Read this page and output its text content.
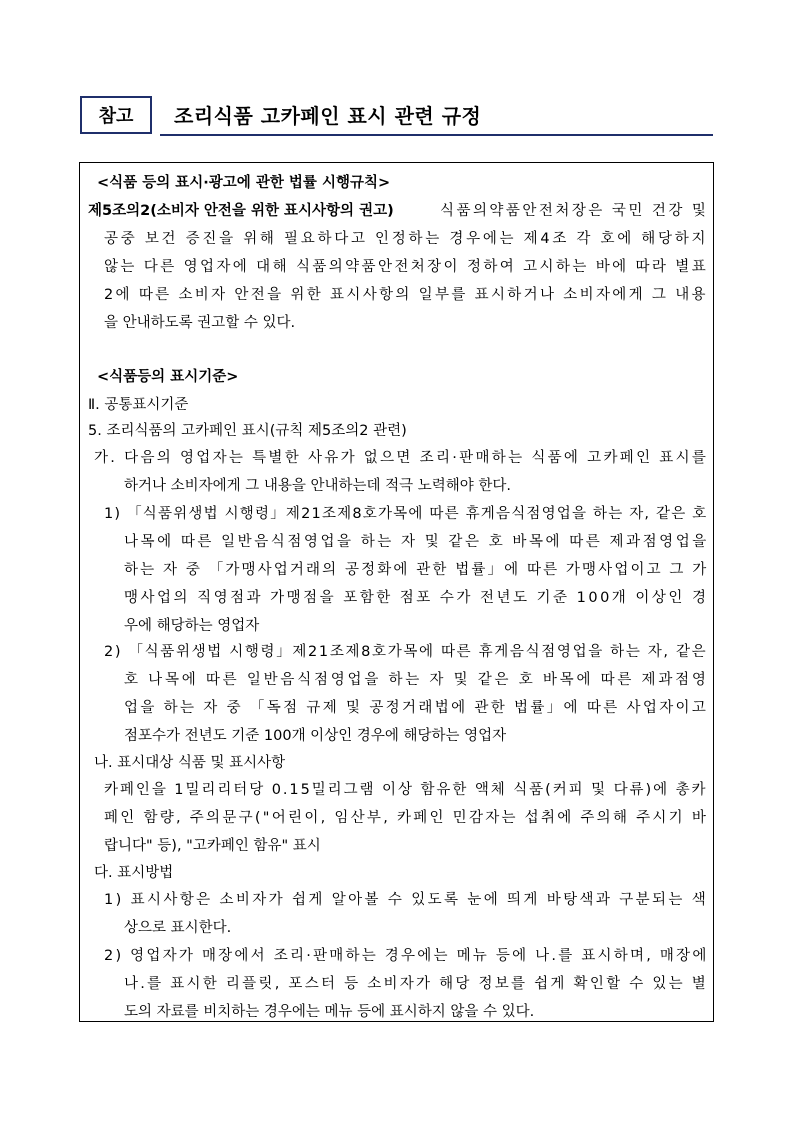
참고	조리식품 고카페인 표시 관련 규정
<식품 등의 표시·광고에 관한 법률 시행규칙>
제5조의2(소비자 안전을 위한 표시사항의 권고)	식품의약품안전처장은 국민 건강 및
공중 보건 증진을 위해 필요하다고 인정하는 경우에는 제4조 각 호에 해당하지
않는 다른 영업자에 대해 식품의약품안전처장이 정하여 고시하는 바에 따라 별표
2에 따른 소비자 안전을 위한 표시사항의 일부를 표시하거나 소비자에게 그 내용
을 안내하도록 권고할 수 있다.
<식품등의 표시기준>
Ⅱ. 공통표시기준
5. 조리식품의 고카페인 표시(규칙 제5조의2 관련)
가. 다음의 영업자는 특별한 사유가 없으면 조리·판매하는 식품에 고카페인 표시를
하거나 소비자에게 그 내용을 안내하는데 적극 노력해야 한다.
1) 「식품위생법 시행령」제21조제8호가목에 따른 휴게음식점영업을 하는 자, 같은 호
나목에 따른 일반음식점영업을 하는 자 및 같은 호 바목에 따른 제과점영업을
하는 자 중 「가맹사업거래의 공정화에 관한 법률」에 따른 가맹사업이고 그 가
맹사업의 직영점과 가맹점을 포함한 점포 수가 전년도 기준 100개 이상인 경
우에 해당하는 영업자
2) 「식품위생법 시행령」제21조제8호가목에 따른 휴게음식점영업을 하는 자, 같은
호 나목에 따른 일반음식점영업을 하는 자 및 같은 호 바목에 따른 제과점영
업을 하는 자 중 「독점 규제 및 공정거래법에 관한 법률」에 따른 사업자이고
점포수가 전년도 기준 100개 이상인 경우에 해당하는 영업자
나. 표시대상 식품 및 표시사항
카페인을 1밀리리터당 0.15밀리그램 이상 함유한 액체 식품(커피 및 다류)에 총카
페인 함량, 주의문구("어린이, 임산부, 카페인 민감자는 섭취에 주의해 주시기 바
랍니다" 등), "고카페인 함유" 표시
다. 표시방법
1) 표시사항은 소비자가 쉽게 알아볼 수 있도록 눈에 띄게 바탕색과 구분되는 색
상으로 표시한다.
2) 영업자가 매장에서 조리·판매하는 경우에는 메뉴 등에 나.를 표시하며, 매장에
나.를 표시한 리플릿, 포스터 등 소비자가 해당 정보를 쉽게 확인할 수 있는 별
도의 자료를 비치하는 경우에는 메뉴 등에 표시하지 않을 수 있다.
